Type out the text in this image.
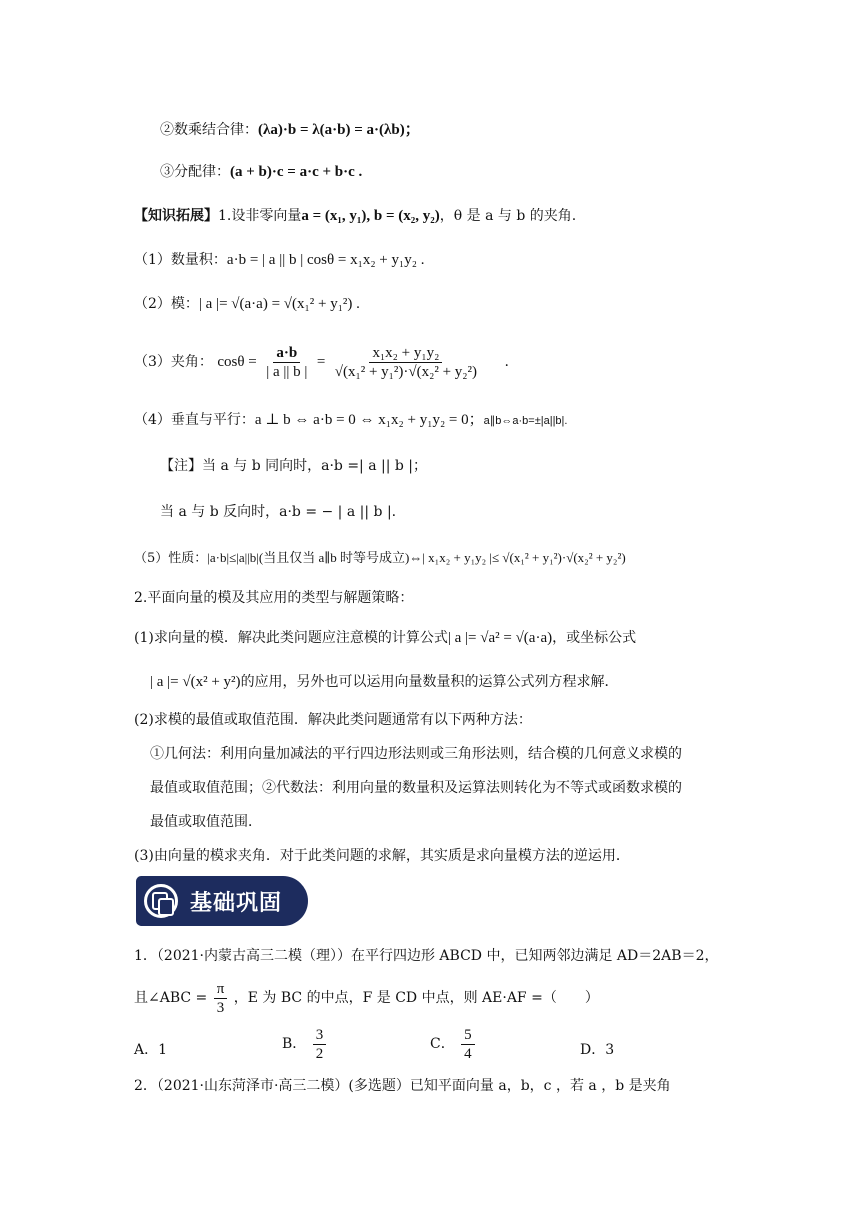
②数乘结合律：(λa)·b = λ(a·b) = a·(λb)；
③分配律：(a + b)·c = a·c + b·c .
【知识拓展】1.设非零向量a = (x₁, y₁), b = (x₂, y₂)，θ 是 a 与 b 的夹角.
（1）数量积：a·b = | a || b | cosθ = x₁x₂ + y₁y₂ .
（2）模：| a |= √(a·a) = √(x₁² + y₁²) .
（3）夹角： $\cos\theta = \frac{a\cdot b}{| a || b |} = \frac{\text{x₁x₂ + y₁y₂}}{\text{√(x₁² + y₁²)·√(x₂² + y₂²)}}$ .
（4）垂直与平行：a ⊥ b ⇔ a·b = 0 ⇔ x₁x₂ + y₁y₂ = 0；a∥b⇔a·b=±|a||b|.
【注】当 a 与 b 同向时，a·b =| a || b |；
当 a 与 b 反向时，a·b = − | a || b |.
（5）性质：|a·b|≤|a||b|(当且仅当 a∥b 时等号成立)⇔| x₁x₂ + y₁y₂ |≤ √(x₁² + y₁²)·√(x₂² + y₂²)
2.平面向量的模及其应用的类型与解题策略：
(1)求向量的模．解决此类问题应注意模的计算公式| a |= √a² = √(a·a)，或坐标公式
| a |= √(x² + y²)的应用，另外也可以运用向量数量积的运算公式列方程求解．
(2)求模的最值或取值范围．解决此类问题通常有以下两种方法：
①几何法：利用向量加减法的平行四边形法则或三角形法则，结合模的几何意义求模的
最值或取值范围；②代数法：利用向量的数量积及运算法则转化为不等式或函数求模的
最值或取值范围．
(3)由向量的模求夹角．对于此类问题的求解，其实质是求向量模方法的逆运用．
基础巩固
1．（2021·内蒙古高三二模（理））在平行四边形 ABCD 中，已知两邻边满足 AD＝2AB＝2，
且∠ABC = $\frac{\pi}{3}$ ，E 为 BC 的中点，F 是 CD 中点，则 AE·AF =（　　）
A．1	B． $\frac{3}{2}$	C． $\frac{5}{4}$	D．3
2．（2021·山东菏泽市·高三二模）(多选题）已知平面向量 a，b，c ，若 a ，b 是夹角
